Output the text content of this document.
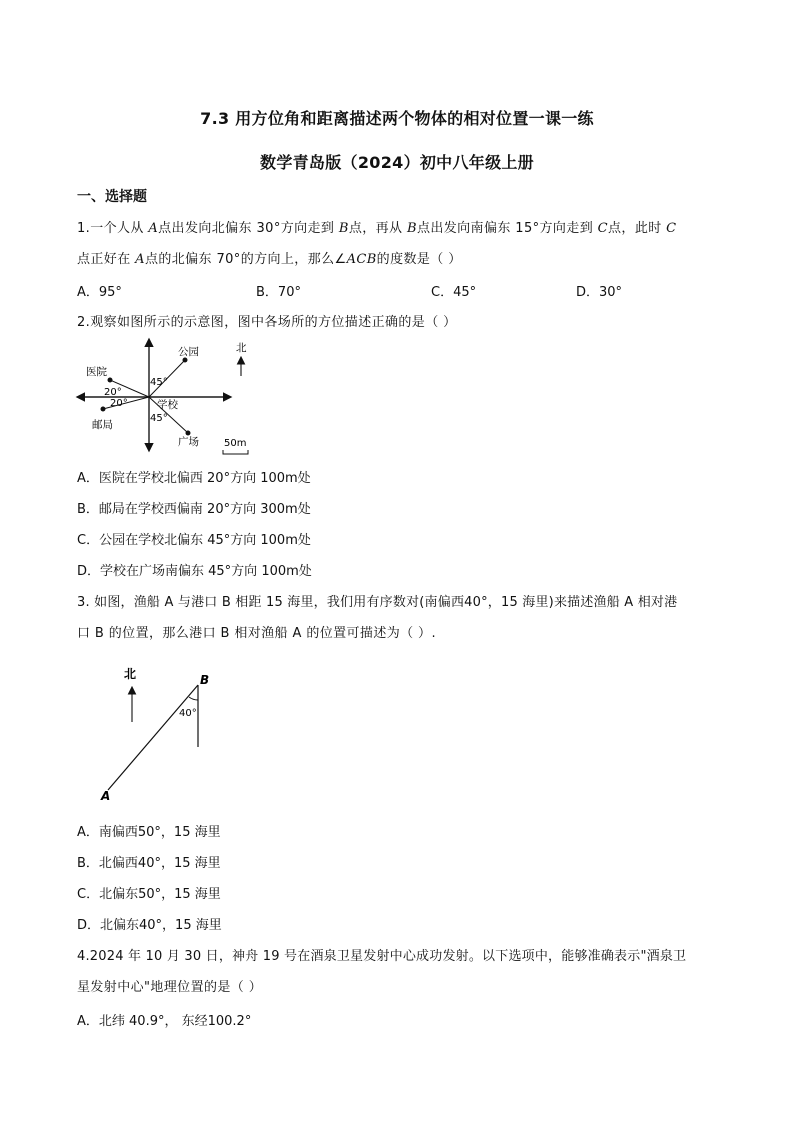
7.3 用方位角和距离描述两个物体的相对位置一课一练
数学青岛版（2024）初中八年级上册
一、选择题
1.一个人从 A点出发向北偏东 30°方向走到 B点，再从 B点出发向南偏东 15°方向走到 C点，此时 C
点正好在 A点的北偏东 70°的方向上，那么∠ACB的度数是（ ）
A．95°	B．70°	C．45°	D．30°
2.观察如图所示的示意图，图中各场所的方位描述正确的是（ ）
公园
医院
邮局
学校
广场
45°
20°
20°
45°
北
50m
A．医院在学校北偏西 20°方向 100m处
B．邮局在学校西偏南 20°方向 300m处
C．公园在学校北偏东 45°方向 100m处
D．学校在广场南偏东 45°方向 100m处
3. 如图，渔船 A 与港口 B 相距 15 海里，我们用有序数对(南偏西40°，15 海里)来描述渔船 A 相对港
口 B 的位置，那么港口 B 相对渔船 A 的位置可描述为（ ）.
北	B
A
40°
A．南偏西50°，15 海里
B．北偏西40°，15 海里
C．北偏东50°，15 海里
D．北偏东40°，15 海里
4.2024 年 10 月 30 日，神舟 19 号在酒泉卫星发射中心成功发射。以下选项中，能够准确表示"酒泉卫
星发射中心"地理位置的是（ ）
A．北纬 40.9°， 东经100.2°
